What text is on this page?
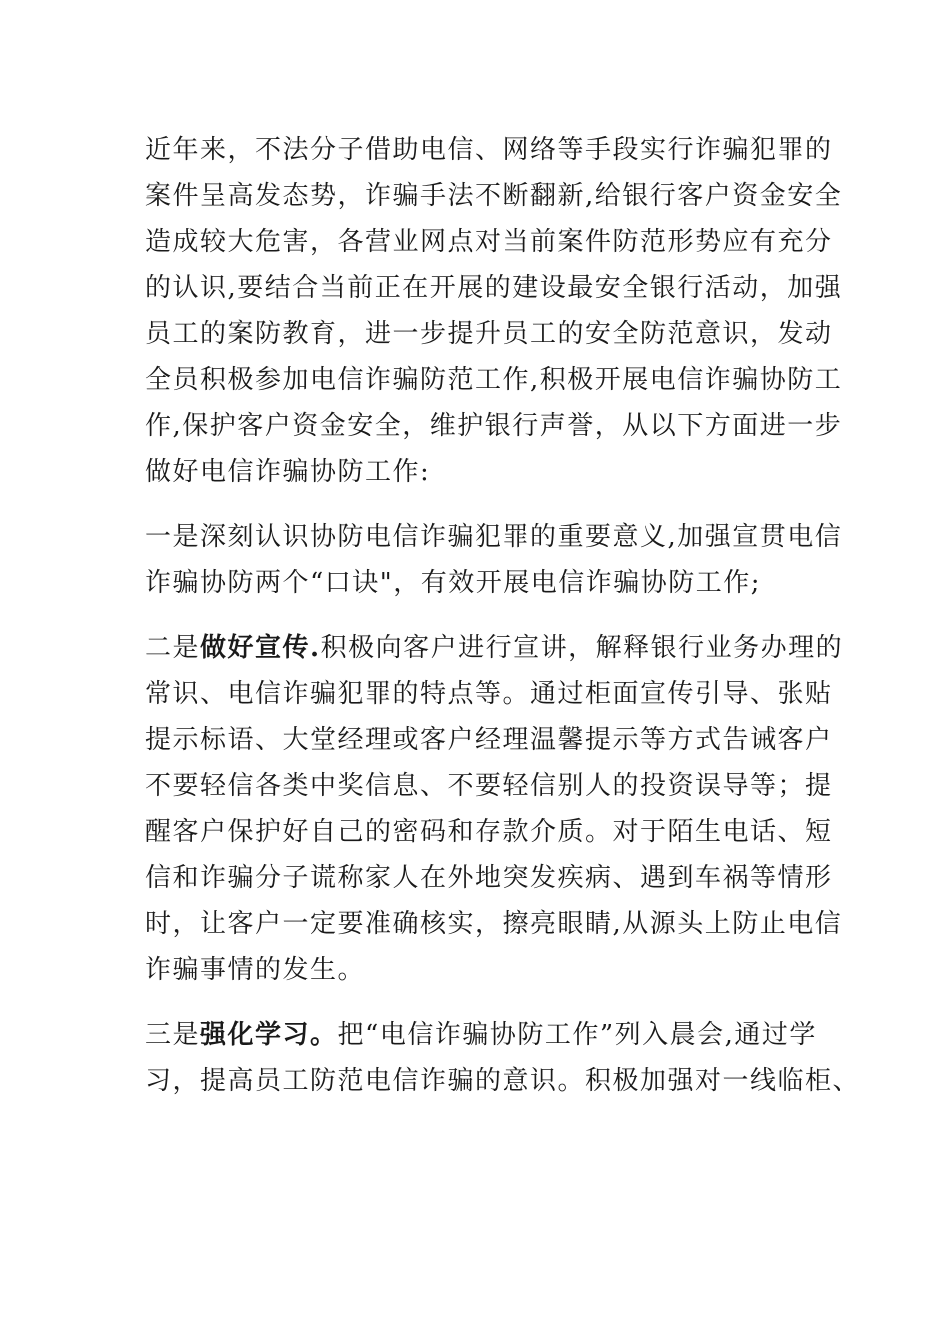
近年来，不法分子借助电信、网络等手段实行诈骗犯罪的
案件呈高发态势，诈骗手法不断翻新,给银行客户资金安全
造成较大危害，各营业网点对当前案件防范形势应有充分
的认识,要结合当前正在开展的建设最安全银行活动，加强
员工的案防教育，进一步提升员工的安全防范意识，发动
全员积极参加电信诈骗防范工作,积极开展电信诈骗协防工
作,保护客户资金安全，维护银行声誉，从以下方面进一步
做好电信诈骗协防工作:

一是深刻认识协防电信诈骗犯罪的重要意义,加强宣贯电信
诈骗协防两个“口诀"，有效开展电信诈骗协防工作;

二是做好宣传.积极向客户进行宣讲，解释银行业务办理的
常识、电信诈骗犯罪的特点等。通过柜面宣传引导、张贴
提示标语、大堂经理或客户经理温馨提示等方式告诫客户
不要轻信各类中奖信息、不要轻信别人的投资误导等；提
醒客户保护好自己的密码和存款介质。对于陌生电话、短
信和诈骗分子谎称家人在外地突发疾病、遇到车祸等情形
时，让客户一定要准确核实，擦亮眼睛,从源头上防止电信
诈骗事情的发生。

三是强化学习。把“电信诈骗协防工作”列入晨会,通过学
习，提高员工防范电信诈骗的意识。积极加强对一线临柜、
